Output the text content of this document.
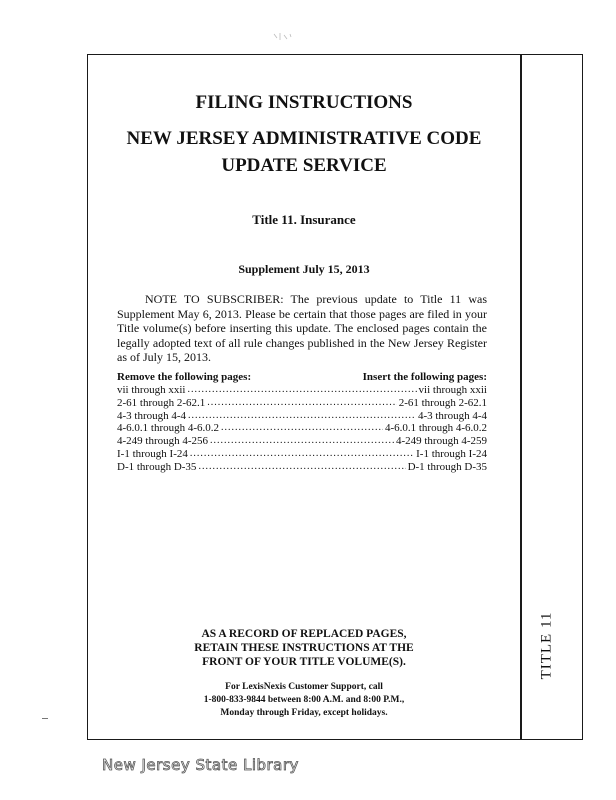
TITLE 11
FILING INSTRUCTIONS
NEW JERSEY ADMINISTRATIVE CODE
UPDATE SERVICE
Title 11. Insurance
Supplement July 15, 2013

NOTE TO SUBSCRIBER: The previous update to Title 11 was Supplement May 6, 2013. Please be certain that those pages are filed in your Title volume(s) before inserting this update. The enclosed pages contain the legally adopted text of all rule changes published in the New Jersey Register as of July 15, 2013.

Remove the following pages:	Insert the following pages:
vii through xxii .....	vii through xxii
2-61 through 2-62.1 .....	2-61 through 2-62.1
4-3 through 4-4 .....	4-3 through 4-4
4-6.0.1 through 4-6.0.2 .....	4-6.0.1 through 4-6.0.2
4-249 through 4-256 .....	4-249 through 4-259
I-1 through I-24 .....	I-1 through I-24
D-1 through D-35 .....	D-1 through D-35
AS A RECORD OF REPLACED PAGES,
RETAIN THESE INSTRUCTIONS AT THE
FRONT OF YOUR TITLE VOLUME(S).
For LexisNexis Customer Support, call
1-800-833-9844 between 8:00 A.M. and 8:00 P.M.,
Monday through Friday, except holidays.
New Jersey State Library
